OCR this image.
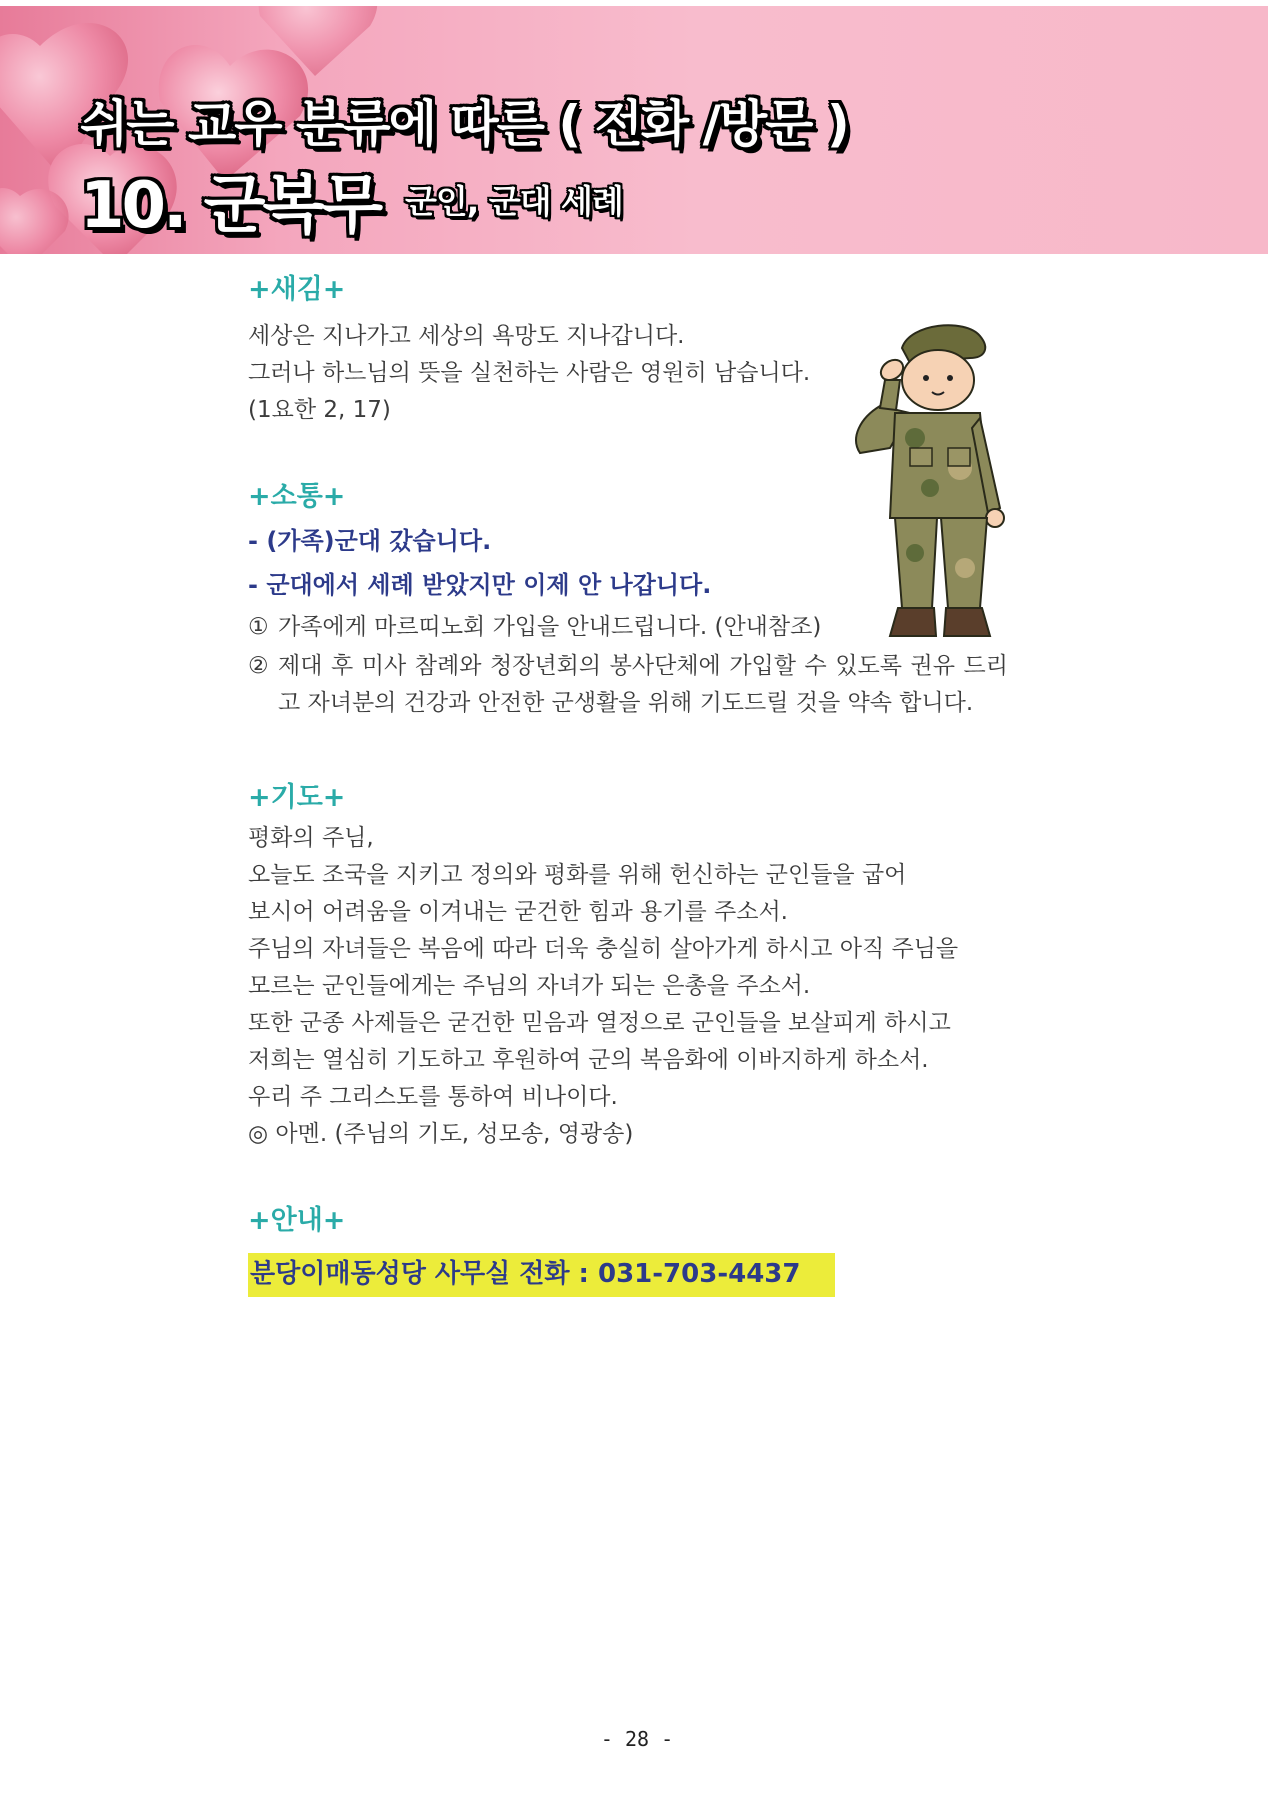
쉬는 교우 분류에 따른 ( 전화 /방문 )
10. 군복무 군인, 군대 세례
+새김+

세상은 지나가고 세상의 욕망도 지나갑니다.

그러나 하느님의 뜻을 실천하는 사람은 영원히 남습니다.

(1요한 2, 17)

+소통+

- (가족)군대 갔습니다.

- 군대에서 세례 받았지만 이제 안 나갑니다.

① 가족에게 마르띠노회 가입을 안내드립니다. (안내참조)
② 제대 후 미사 참례와 청장년회의 봉사단체에 가입할 수 있도록 권유 드리고 자녀분의 건강과 안전한 군생활을 위해 기도드릴 것을 약속 합니다.
+기도+

평화의 주님,

오늘도 조국을 지키고 정의와 평화를 위해 헌신하는 군인들을 굽어

보시어 어려움을 이겨내는 굳건한 힘과 용기를 주소서.

주님의 자녀들은 복음에 따라 더욱 충실히 살아가게 하시고 아직 주님을

모르는 군인들에게는 주님의 자녀가 되는 은총을 주소서.

또한 군종 사제들은 굳건한 믿음과 열정으로 군인들을 보살피게 하시고

저희는 열심히 기도하고 후원하여 군의 복음화에 이바지하게 하소서.

우리 주 그리스도를 통하여 비나이다.

◎ 아멘. (주님의 기도, 성모송, 영광송)

+안내+
분당이매동성당 사무실 전화 : 031-703-4437
- 28 -
